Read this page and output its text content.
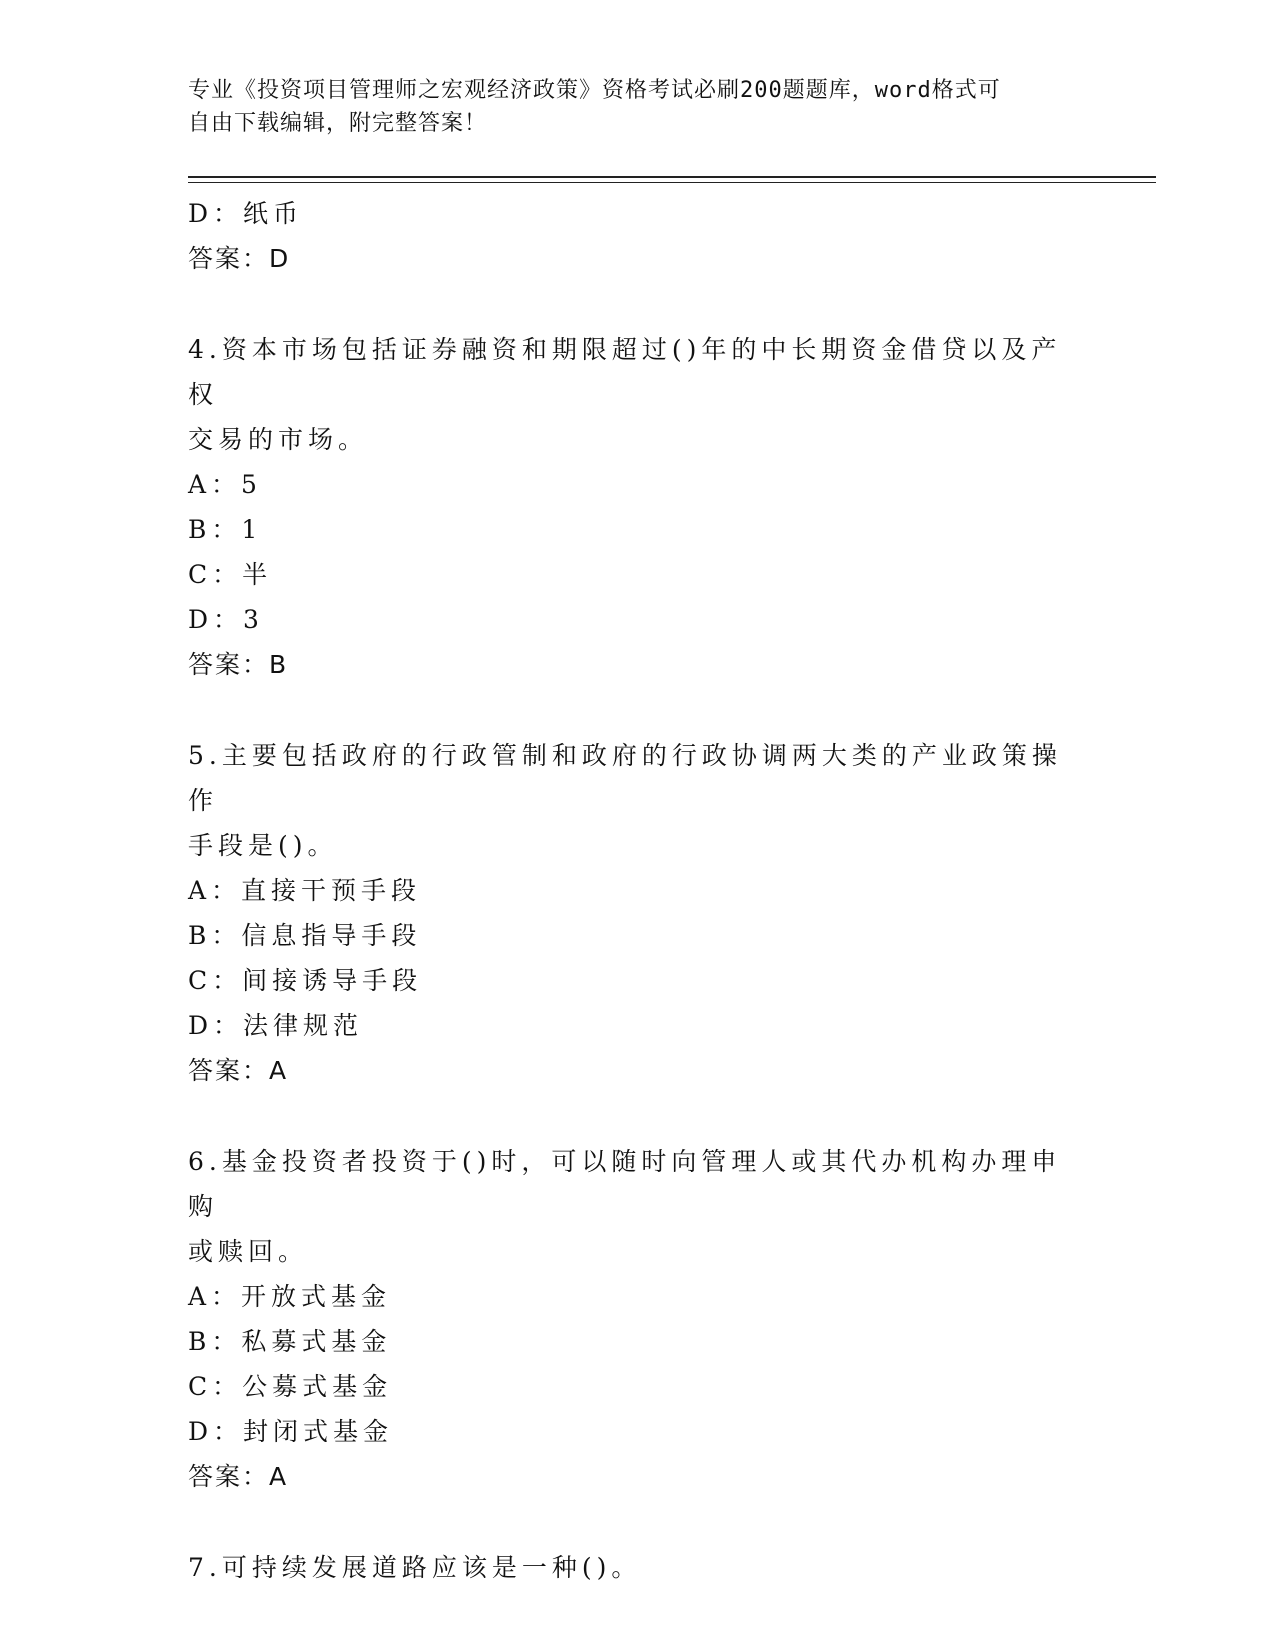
专业《投资项目管理师之宏观经济政策》资格考试必刷200题题库，word格式可
自由下载编辑，附完整答案！
D：纸币
答案：D
4.资本市场包括证券融资和期限超过()年的中长期资金借贷以及产权
交易的市场。
A：5
B：1
C：半
D：3
答案：B
5.主要包括政府的行政管制和政府的行政协调两大类的产业政策操作
手段是()。
A：直接干预手段
B：信息指导手段
C：间接诱导手段
D：法律规范
答案：A
6.基金投资者投资于()时，可以随时向管理人或其代办机构办理申购
或赎回。
A：开放式基金
B：私募式基金
C：公募式基金
D：封闭式基金
答案：A
7.可持续发展道路应该是一种()。
